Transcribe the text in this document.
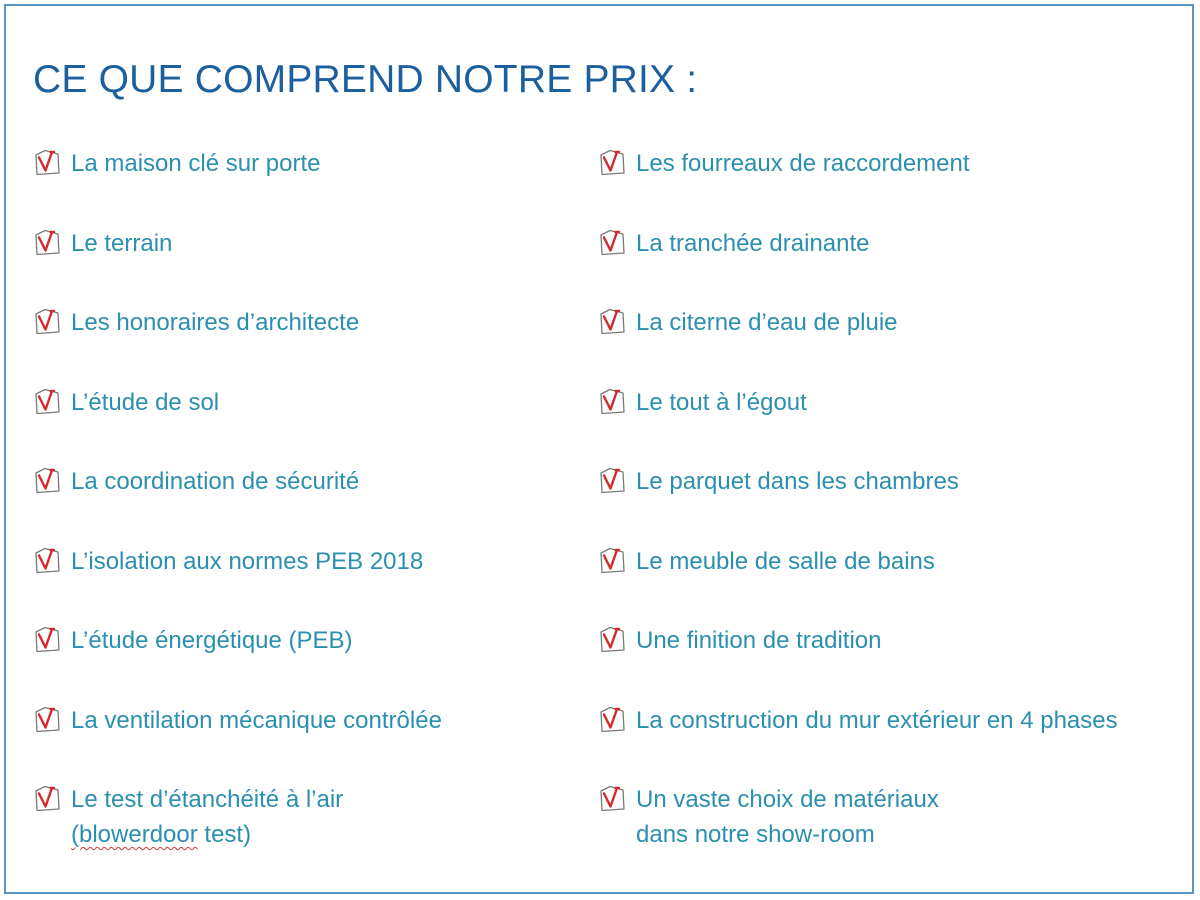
CE QUE COMPREND NOTRE PRIX :
La maison clé sur porte
Le terrain
Les honoraires d’architecte
L’étude de sol
La coordination de sécurité
L’isolation aux normes PEB 2018
L’étude énergétique (PEB)
La ventilation mécanique contrôlée
Le test d’étanchéité à l’air
(blowerdoor test)
Les fourreaux de raccordement
La tranchée drainante
La citerne d’eau de pluie
Le tout à l’égout
Le parquet dans les chambres
Le meuble de salle de bains
Une finition de tradition
La construction du mur extérieur en 4 phases
Un vaste choix de matériaux
dans notre show-room
